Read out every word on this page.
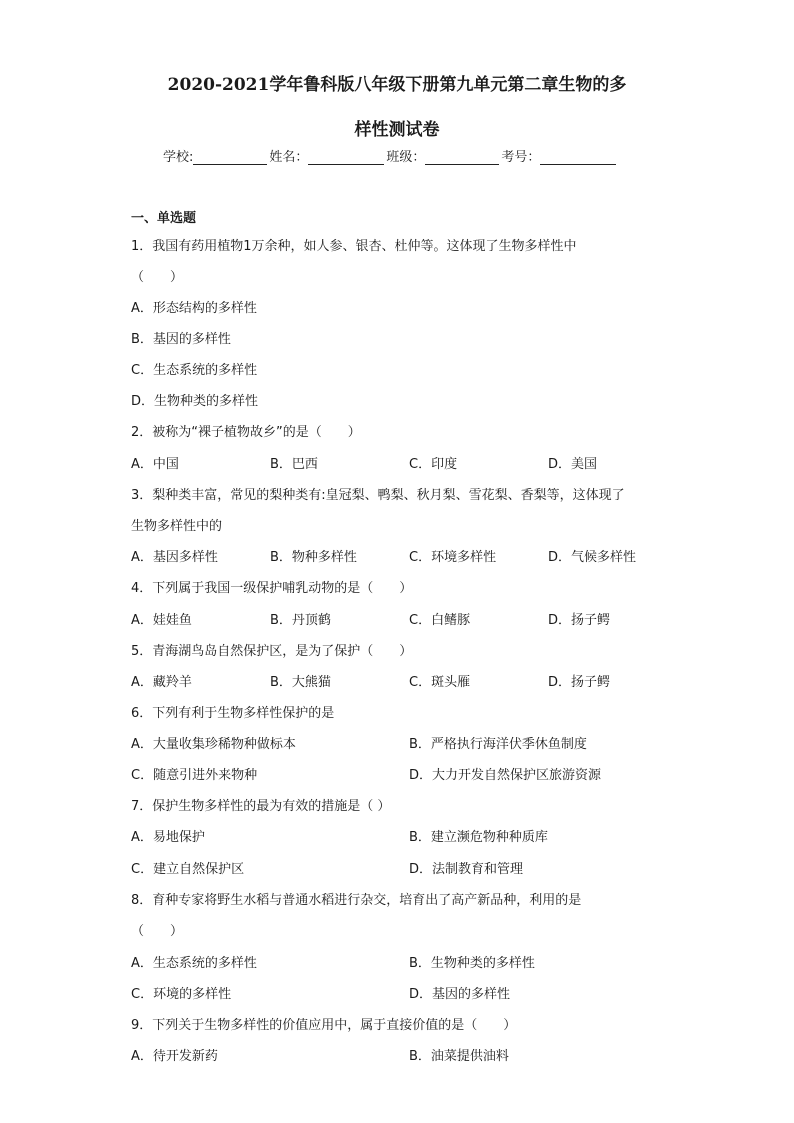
2020-2021学年鲁科版八年级下册第九单元第二章生物的多
样性测试卷
学校:	姓名：	班级：	考号：
一、单选题
1．我国有药用植物1万余种，如人参、银杏、杜仲等。这体现了生物多样性中
（　　）
A．形态结构的多样性
B．基因的多样性
C．生态系统的多样性
D．生物种类的多样性
2．被称为“裸子植物故乡”的是（　　）
A．中国	B．巴西	C．印度	D．美国
3．梨种类丰富，常见的梨种类有:皇冠梨、鸭梨、秋月梨、雪花梨、香梨等，这体现了
生物多样性中的
A．基因多样性	B．物种多样性	C．环境多样性	D．气候多样性
4．下列属于我国一级保护哺乳动物的是（　　）
A．娃娃鱼	B．丹顶鹤	C．白鳍豚	D．扬子鳄
5．青海湖鸟岛自然保护区，是为了保护（　　）
A．藏羚羊	B．大熊猫	C．斑头雁	D．扬子鳄
6．下列有利于生物多样性保护的是
A．大量收集珍稀物种做标本	B．严格执行海洋伏季休鱼制度
C．随意引进外来物种	D．大力开发自然保护区旅游资源
7．保护生物多样性的最为有效的措施是（ ）
A．易地保护	B．建立濒危物种种质库
C．建立自然保护区	D．法制教育和管理
8．育种专家将野生水稻与普通水稻进行杂交，培育出了高产新品种，利用的是
（　　）
A．生态系统的多样性	B．生物种类的多样性
C．环境的多样性	D．基因的多样性
9．下列关于生物多样性的价值应用中，属于直接价值的是（　　）
A．待开发新药	B．油菜提供油料
